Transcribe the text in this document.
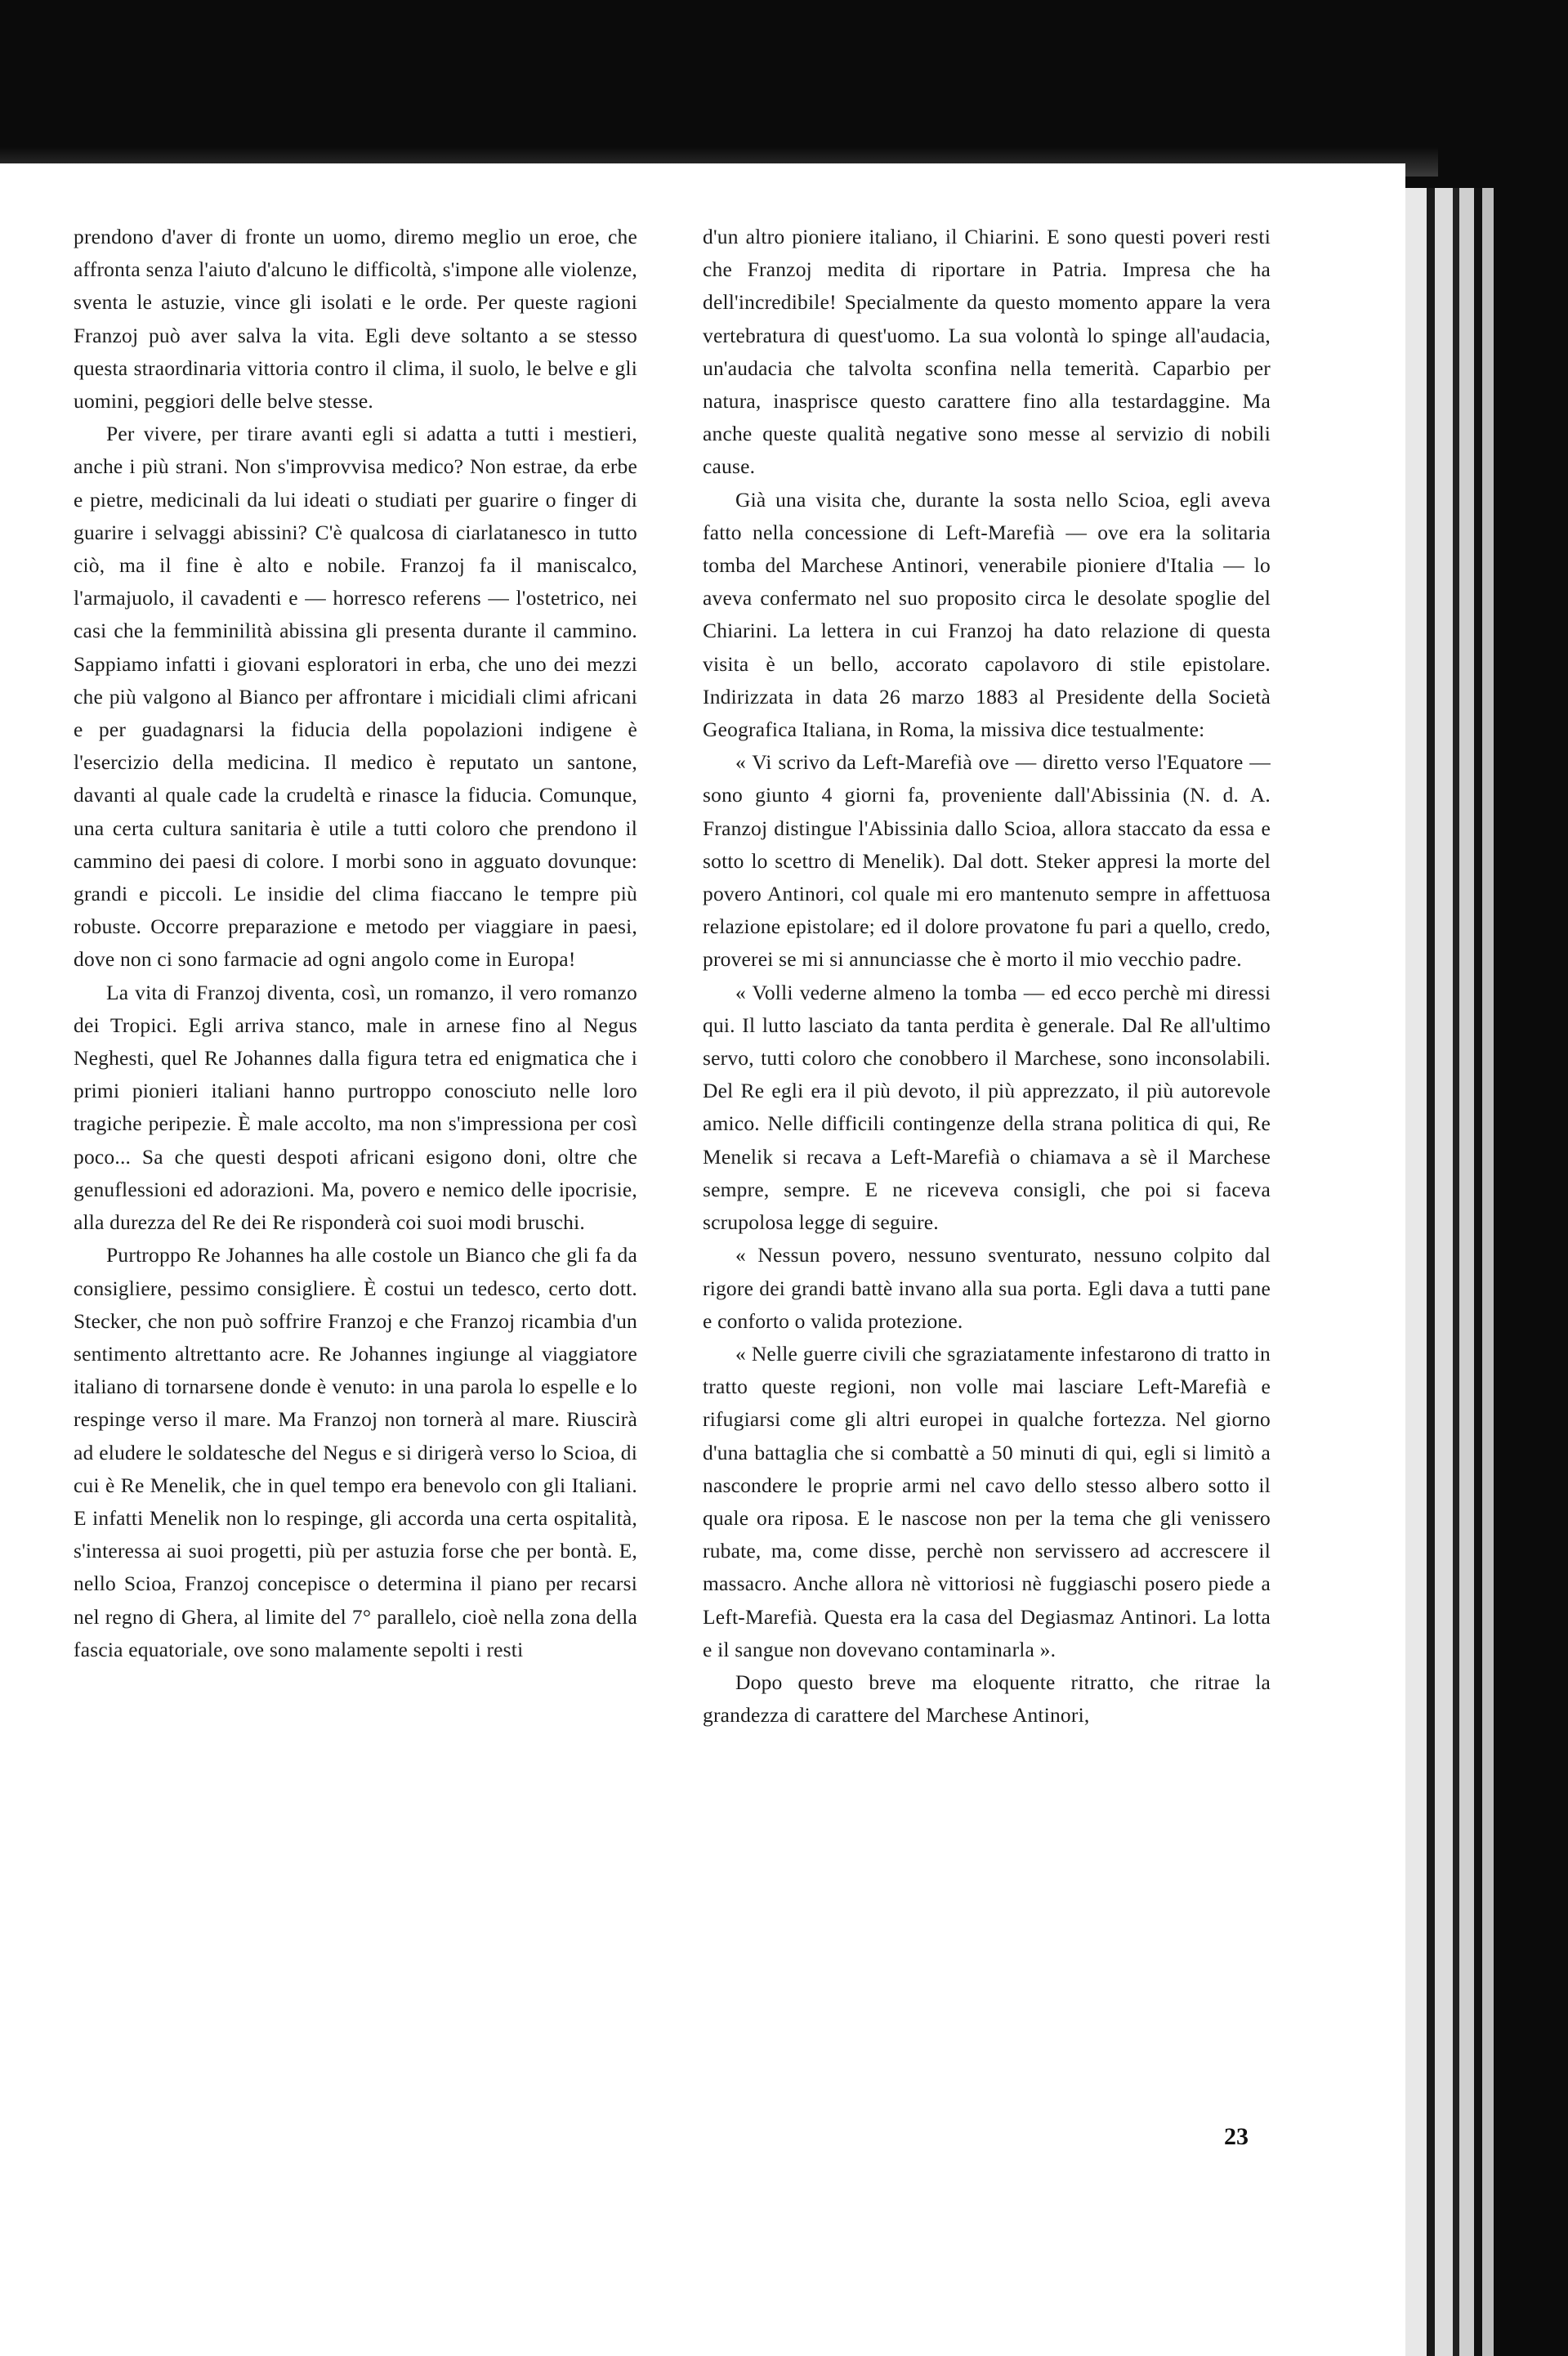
prendono d'aver di fronte un uomo, diremo meglio un eroe, che affronta senza l'aiuto d'alcuno le difficoltà, s'impone alle violenze, sventa le astuzie, vince gli isolati e le orde. Per queste ragioni Franzoj può aver salva la vita. Egli deve soltanto a se stesso questa straordinaria vittoria contro il clima, il suolo, le belve e gli uomini, peggiori delle belve stesse.

Per vivere, per tirare avanti egli si adatta a tutti i mestieri, anche i più strani. Non s'improvvisa medico? Non estrae, da erbe e pietre, medicinali da lui ideati o studiati per guarire o finger di guarire i selvaggi abissini? C'è qualcosa di ciarlatanesco in tutto ciò, ma il fine è alto e nobile. Franzoj fa il maniscalco, l'armajuolo, il cavadenti e — horresco referens — l'ostetrico, nei casi che la femminilità abissina gli presenta durante il cammino. Sappiamo infatti i giovani esploratori in erba, che uno dei mezzi che più valgono al Bianco per affrontare i micidiali climi africani e per guadagnarsi la fiducia della popolazioni indigene è l'esercizio della medicina. Il medico è reputato un santone, davanti al quale cade la crudeltà e rinasce la fiducia. Comunque, una certa cultura sanitaria è utile a tutti coloro che prendono il cammino dei paesi di colore. I morbi sono in agguato dovunque: grandi e piccoli. Le insidie del clima fiaccano le tempre più robuste. Occorre preparazione e metodo per viaggiare in paesi, dove non ci sono farmacie ad ogni angolo come in Europa!

La vita di Franzoj diventa, così, un romanzo, il vero romanzo dei Tropici. Egli arriva stanco, male in arnese fino al Negus Neghesti, quel Re Johannes dalla figura tetra ed enigmatica che i primi pionieri italiani hanno purtroppo conosciuto nelle loro tragiche peripezie. È male accolto, ma non s'impressiona per così poco... Sa che questi despoti africani esigono doni, oltre che genuflessioni ed adorazioni. Ma, povero e nemico delle ipocrisie, alla durezza del Re dei Re risponderà coi suoi modi bruschi.

Purtroppo Re Johannes ha alle costole un Bianco che gli fa da consigliere, pessimo consigliere. È costui un tedesco, certo dott. Stecker, che non può soffrire Franzoj e che Franzoj ricambia d'un sentimento altrettanto acre. Re Johannes ingiunge al viaggiatore italiano di tornarsene donde è venuto: in una parola lo espelle e lo respinge verso il mare. Ma Franzoj non tornerà al mare. Riuscirà ad eludere le soldatesche del Negus e si dirigerà verso lo Scioa, di cui è Re Menelik, che in quel tempo era benevolo con gli Italiani. E infatti Menelik non lo respinge, gli accorda una certa ospitalità, s'interessa ai suoi progetti, più per astuzia forse che per bontà. E, nello Scioa, Franzoj concepisce o determina il piano per recarsi nel regno di Ghera, al limite del 7° parallelo, cioè nella zona della fascia equatoriale, ove sono malamente sepolti i resti

d'un altro pioniere italiano, il Chiarini. E sono questi poveri resti che Franzoj medita di riportare in Patria. Impresa che ha dell'incredibile! Specialmente da questo momento appare la vera vertebratura di quest'uomo. La sua volontà lo spinge all'audacia, un'audacia che talvolta sconfina nella temerità. Caparbio per natura, inasprisce questo carattere fino alla testardaggine. Ma anche queste qualità negative sono messe al servizio di nobili cause.

Già una visita che, durante la sosta nello Scioa, egli aveva fatto nella concessione di Left-Marefià — ove era la solitaria tomba del Marchese Antinori, venerabile pioniere d'Italia — lo aveva confermato nel suo proposito circa le desolate spoglie del Chiarini. La lettera in cui Franzoj ha dato relazione di questa visita è un bello, accorato capolavoro di stile epistolare. Indirizzata in data 26 marzo 1883 al Presidente della Società Geografica Italiana, in Roma, la missiva dice testualmente:

« Vi scrivo da Left-Marefià ove — diretto verso l'Equatore — sono giunto 4 giorni fa, proveniente dall'Abissinia (N. d. A. Franzoj distingue l'Abissinia dallo Scioa, allora staccato da essa e sotto lo scettro di Menelik). Dal dott. Steker appresi la morte del povero Antinori, col quale mi ero mantenuto sempre in affettuosa relazione epistolare; ed il dolore provatone fu pari a quello, credo, proverei se mi si annunciasse che è morto il mio vecchio padre.

« Volli vederne almeno la tomba — ed ecco perchè mi diressi qui. Il lutto lasciato da tanta perdita è generale. Dal Re all'ultimo servo, tutti coloro che conobbero il Marchese, sono inconsolabili. Del Re egli era il più devoto, il più apprezzato, il più autorevole amico. Nelle difficili contingenze della strana politica di qui, Re Menelik si recava a Left-Marefià o chiamava a sè il Marchese sempre, sempre. E ne riceveva consigli, che poi si faceva scrupolosa legge di seguire.

« Nessun povero, nessuno sventurato, nessuno colpito dal rigore dei grandi battè invano alla sua porta. Egli dava a tutti pane e conforto o valida protezione.

« Nelle guerre civili che sgraziatamente infestarono di tratto in tratto queste regioni, non volle mai lasciare Left-Marefià e rifugiarsi come gli altri europei in qualche fortezza. Nel giorno d'una battaglia che si combattè a 50 minuti di qui, egli si limitò a nascondere le proprie armi nel cavo dello stesso albero sotto il quale ora riposa. E le nascose non per la tema che gli venissero rubate, ma, come disse, perchè non servissero ad accrescere il massacro. Anche allora nè vittoriosi nè fuggiaschi posero piede a Left-Marefià. Questa era la casa del Degiasmaz Antinori. La lotta e il sangue non dovevano contaminarla ».

Dopo questo breve ma eloquente ritratto, che ritrae la grandezza di carattere del Marchese Antinori,

23
